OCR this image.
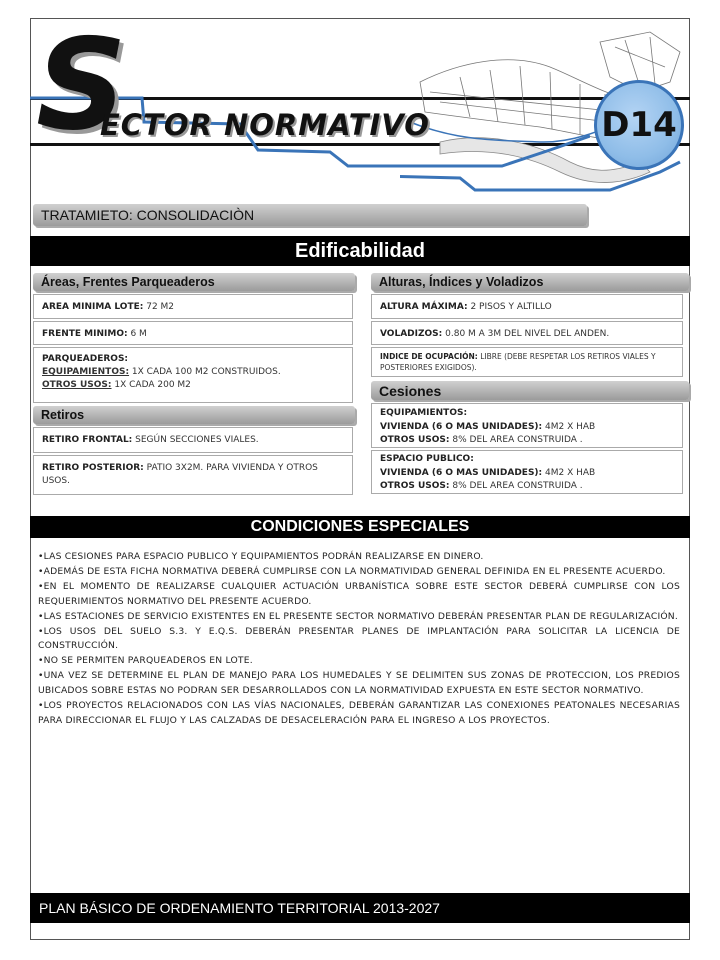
S
ECTOR NORMATIVO	D14
TRATAMIETO: CONSOLIDACIÒN
Edificabilidad
Áreas, Frentes Parqueaderos	Alturas, Índices y Voladizos
AREA MINIMA LOTE: 72 M2
FRENTE MINIMO: 6 M
PARQUEADEROS:
EQUIPAMIENTOS: 1X CADA 100 M2 CONSTRUIDOS.
OTROS USOS: 1X CADA 200 M2
Retiros
RETIRO FRONTAL: SEGÚN SECCIONES VIALES.
RETIRO POSTERIOR: PATIO 3X2M. PARA VIVIENDA Y OTROS USOS.
ALTURA MÁXIMA: 2 PISOS Y ALTILLO
VOLADIZOS: 0.80 M A 3M DEL NIVEL DEL ANDEN.
INDICE DE OCUPACIÓN: LIBRE (DEBE RESPETAR LOS RETIROS VIALES Y POSTERIORES EXIGIDOS).
Cesiones
EQUIPAMIENTOS:
VIVIENDA (6 O MAS UNIDADES): 4M2 X HAB
OTROS USOS: 8% DEL AREA CONSTRUIDA .
ESPACIO PUBLICO:
VIVIENDA (6 O MAS UNIDADES): 4M2 X HAB
OTROS USOS: 8% DEL AREA CONSTRUIDA .
CONDICIONES ESPECIALES

•LAS CESIONES PARA ESPACIO PUBLICO Y EQUIPAMIENTOS PODRÁN REALIZARSE EN DINERO.

•ADEMÁS DE ESTA FICHA NORMATIVA DEBERÁ CUMPLIRSE CON LA NORMATIVIDAD GENERAL DEFINIDA EN EL PRESENTE ACUERDO.

•EN EL MOMENTO DE REALIZARSE CUALQUIER ACTUACIÓN URBANÍSTICA SOBRE ESTE SECTOR DEBERÁ CUMPLIRSE CON LOS REQUERIMIENTOS NORMATIVO DEL PRESENTE ACUERDO.

•LAS ESTACIONES DE SERVICIO EXISTENTES EN EL PRESENTE SECTOR NORMATIVO DEBERÁN PRESENTAR PLAN DE REGULARIZACIÓN.

•LOS USOS DEL SUELO S.3. Y E.Q.S. DEBERÁN PRESENTAR PLANES DE IMPLANTACIÓN PARA SOLICITAR LA LICENCIA DE CONSTRUCCIÓN.

•NO SE PERMITEN PARQUEADEROS EN LOTE.

•UNA VEZ SE DETERMINE EL PLAN DE MANEJO PARA LOS HUMEDALES Y SE DELIMITEN SUS ZONAS DE PROTECCION, LOS PREDIOS UBICADOS SOBRE ESTAS NO PODRAN SER DESARROLLADOS CON LA NORMATIVIDAD EXPUESTA EN ESTE SECTOR NORMATIVO.

•LOS PROYECTOS RELACIONADOS CON LAS VÍAS NACIONALES, DEBERÁN GARANTIZAR LAS CONEXIONES PEATONALES NECESARIAS PARA DIRECCIONAR EL FLUJO Y LAS CALZADAS DE DESACELERACIÓN PARA EL INGRESO A LOS PROYECTOS.

PLAN BÁSICO DE ORDENAMIENTO TERRITORIAL 2013-2027
